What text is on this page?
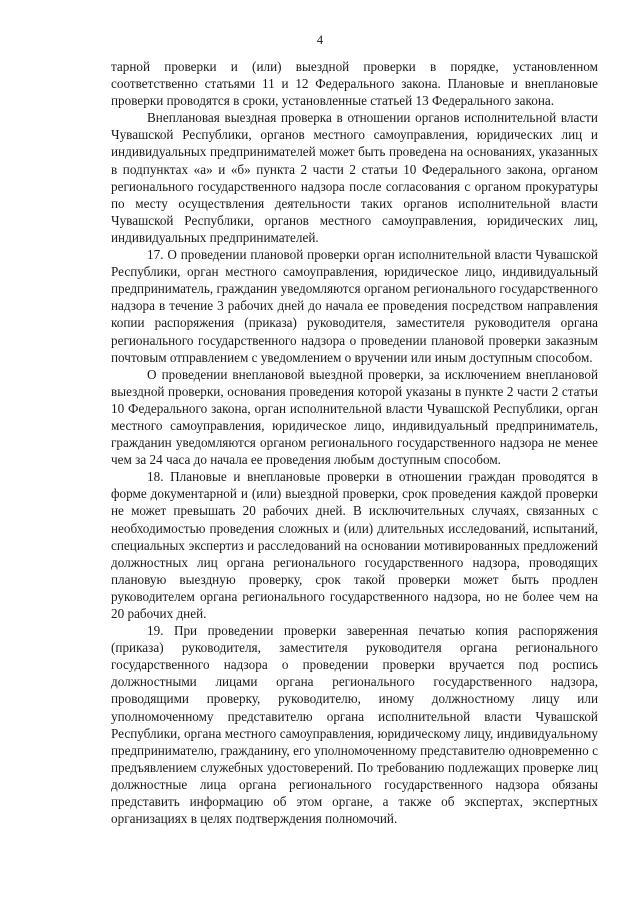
4

тарной проверки и (или) выездной проверки в порядке, установленном соответственно статьями 11 и 12 Федерального закона. Плановые и внеплановые проверки проводятся в сроки, установленные статьей 13 Федерального закона.

Внеплановая выездная проверка в отношении органов исполнительной власти Чувашской Республики, органов местного самоуправления, юридических лиц и индивидуальных предпринимателей может быть проведена на основаниях, указанных в подпунктах «а» и «б» пункта 2 части 2 статьи 10 Федерального закона, органом регионального государственного надзора после согласования с органом прокуратуры по месту осуществления деятельности таких органов исполнительной власти Чувашской Республики, органов местного самоуправления, юридических лиц, индивидуальных предпринимателей.

17. О проведении плановой проверки орган исполнительной власти Чувашской Республики, орган местного самоуправления, юридическое лицо, индивидуальный предприниматель, гражданин уведомляются органом регионального государственного надзора в течение 3 рабочих дней до начала ее проведения посредством направления копии распоряжения (приказа) руководителя, заместителя руководителя органа регионального государственного надзора о проведении плановой проверки заказным почтовым отправлением с уведомлением о вручении или иным доступным способом.

О проведении внеплановой выездной проверки, за исключением внеплановой выездной проверки, основания проведения которой указаны в пункте 2 части 2 статьи 10 Федерального закона, орган исполнительной власти Чувашской Республики, орган местного самоуправления, юридическое лицо, индивидуальный предприниматель, гражданин уведомляются органом регионального государственного надзора не менее чем за 24 часа до начала ее проведения любым доступным способом.

18. Плановые и внеплановые проверки в отношении граждан проводятся в форме документарной и (или) выездной проверки, срок проведения каждой проверки не может превышать 20 рабочих дней. В исключительных случаях, связанных с необходимостью проведения сложных и (или) длительных исследований, испытаний, специальных экспертиз и расследований на основании мотивированных предложений должностных лиц органа регионального государственного надзора, проводящих плановую выездную проверку, срок такой проверки может быть продлен руководителем органа регионального государственного надзора, но не более чем на 20 рабочих дней.

19. При проведении проверки заверенная печатью копия распоряжения (приказа) руководителя, заместителя руководителя органа регионального государственного надзора о проведении проверки вручается под роспись должностными лицами органа регионального государственного надзора, проводящими проверку, руководителю, иному должностному лицу или уполномоченному представителю органа исполнительной власти Чувашской Республики, органа местного самоуправления, юридическому лицу, индивидуальному предпринимателю, гражданину, его уполномоченному представителю одновременно с предъявлением служебных удостоверений. По требованию подлежащих проверке лиц должностные лица органа регионального государственного надзора обязаны представить информацию об этом органе, а также об экспертах, экспертных организациях в целях подтверждения полномочий.
